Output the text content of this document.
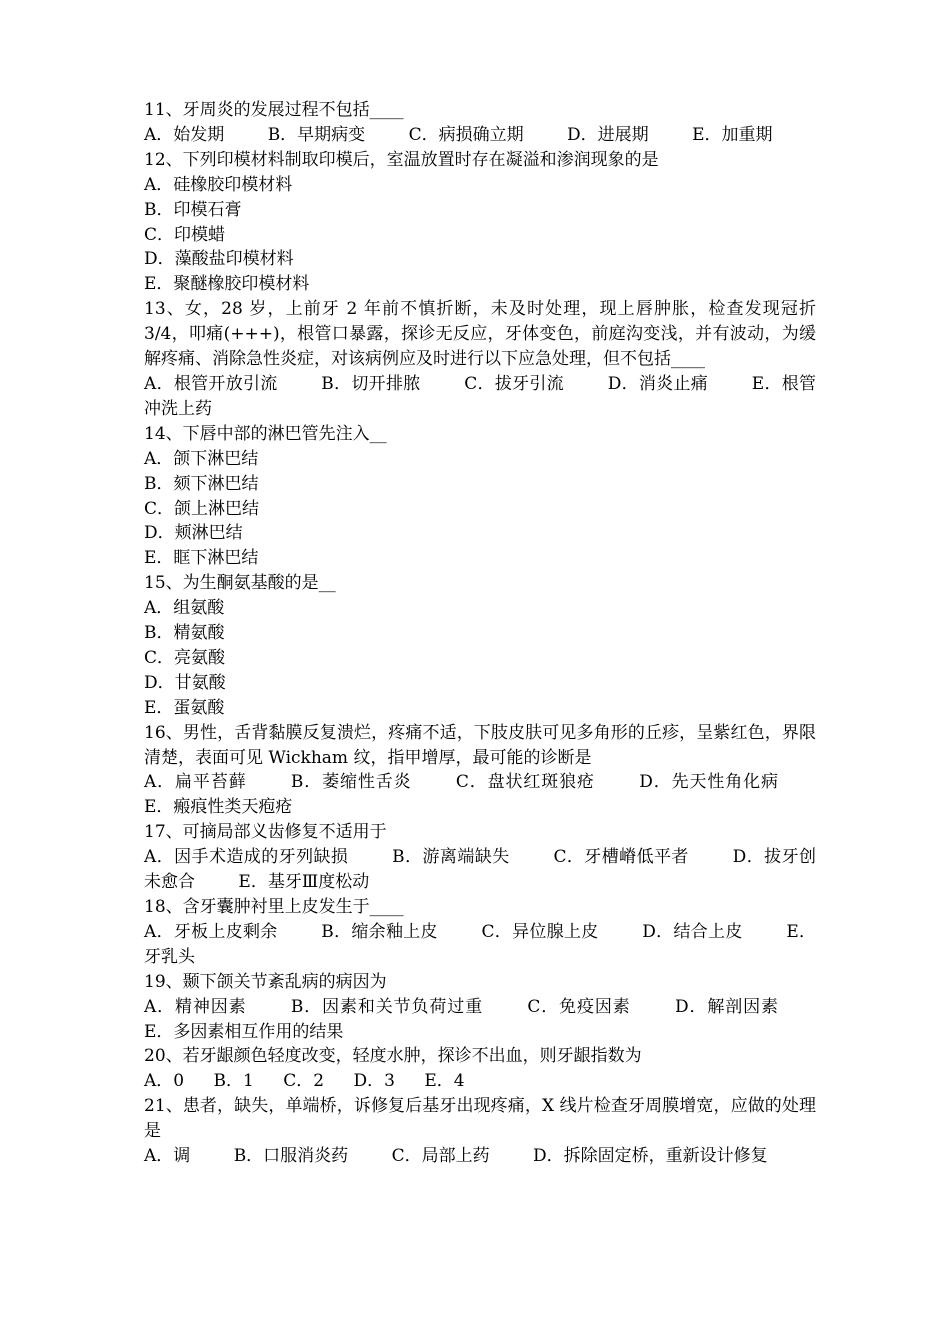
11、牙周炎的发展过程不包括____
A．始发期	B．早期病变	C．病损确立期	D．进展期	E．加重期
12、下列印模材料制取印模后，室温放置时存在凝溢和渗润现象的是
A．硅橡胶印模材料
B．印模石膏
C．印模蜡
D．藻酸盐印模材料
E．聚醚橡胶印模材料
13、女，28 岁，上前牙 2 年前不慎折断，未及时处理，现上唇肿胀，检查发现冠折 3/4，叩痛(+++)，根管口暴露，探诊无反应，牙体变色，前庭沟变浅，并有波动，为缓解疼痛、消除急性炎症，对该病例应及时进行以下应急处理，但不包括____
A．根管开放引流	B．切开排脓	C．拔牙引流	D．消炎止痛	E．根管冲洗上药
14、下唇中部的淋巴管先注入__
A．颌下淋巴结
B．颏下淋巴结
C．颌上淋巴结
D．颊淋巴结
E．眶下淋巴结
15、为生酮氨基酸的是__
A．组氨酸
B．精氨酸
C．亮氨酸
D．甘氨酸
E．蛋氨酸
16、男性，舌背黏膜反复溃烂，疼痛不适，下肢皮肤可见多角形的丘疹，呈紫红色，界限清楚，表面可见 Wickham 纹，指甲增厚，最可能的诊断是
A．扁平苔藓	B．萎缩性舌炎	C．盘状红斑狼疮	D．先天性角化病 E．瘢痕性类天疱疮
17、可摘局部义齿修复不适用于
A．因手术造成的牙列缺损	B．游离端缺失	C．牙槽嵴低平者	D．拔牙创未愈合	E．基牙Ⅲ度松动
18、含牙囊肿衬里上皮发生于____
A．牙板上皮剩余	B．缩余釉上皮	C．异位腺上皮	D．结合上皮	E．牙乳头
19、颞下颌关节紊乱病的病因为
A．精神因素	B．因素和关节负荷过重	C．免疫因素	D．解剖因素 E．多因素相互作用的结果
20、若牙龈颜色轻度改变，轻度水肿，探诊不出血，则牙龈指数为
A．0 B．1 C．2 D．3 E．4
21、患者，缺失，单端桥，诉修复后基牙出现疼痛，X 线片检查牙周膜增宽，应做的处理是
A．调	B．口服消炎药	C．局部上药	D．拆除固定桥，重新设计修复
